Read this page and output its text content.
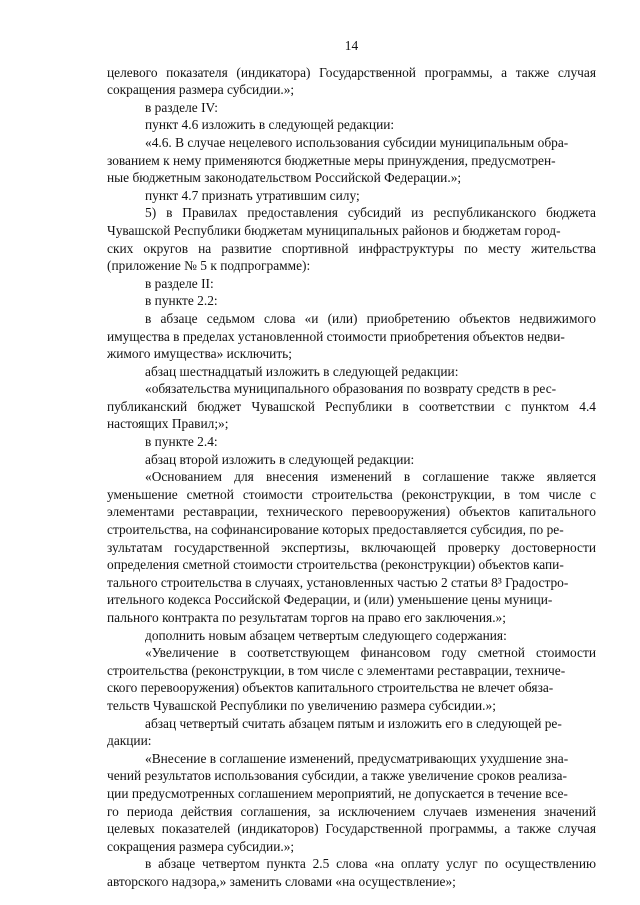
14

целевого показателя (индикатора) Государственной программы, а также случая сокращения размера субсидии.»;

в разделе IV:

пункт 4.6 изложить в следующей редакции:

«4.6. В случае нецелевого использования субсидии муниципальным обра-
зованием к нему применяются бюджетные меры принуждения, предусмотрен-
ные бюджетным законодательством Российской Федерации.»;

пункт 4.7 признать утратившим силу;

5) в Правилах предоставления субсидий из республиканского бюджета Чувашской Республики бюджетам муниципальных районов и бюджетам город-
ских округов на развитие спортивной инфраструктуры по месту жительства (приложение № 5 к подпрограмме):

в разделе II:

в пункте 2.2:

в абзаце седьмом слова «и (или) приобретению объектов недвижимого имущества в пределах установленной стоимости приобретения объектов недви-
жимого имущества» исключить;

абзац шестнадцатый изложить в следующей редакции:

«обязательства муниципального образования по возврату средств в рес-
публиканский бюджет Чувашской Республики в соответствии с пунктом 4.4 настоящих Правил;»;

в пункте 2.4:

абзац второй изложить в следующей редакции:

«Основанием для внесения изменений в соглашение также является уменьшение сметной стоимости строительства (реконструкции, в том числе с элементами реставрации, технического перевооружения) объектов капитального строительства, на софинансирование которых предоставляется субсидия, по ре-
зультатам государственной экспертизы, включающей проверку достоверности определения сметной стоимости строительства (реконструкции) объектов капи-
тального строительства в случаях, установленных частью 2 статьи 8³ Градостро-
ительного кодекса Российской Федерации, и (или) уменьшение цены муници-
пального контракта по результатам торгов на право его заключения.»;

дополнить новым абзацем четвертым следующего содержания:

«Увеличение в соответствующем финансовом году сметной стоимости строительства (реконструкции, в том числе с элементами реставрации, техниче-
ского перевооружения) объектов капитального строительства не влечет обяза-
тельств Чувашской Республики по увеличению размера субсидии.»;

абзац четвертый считать абзацем пятым и изложить его в следующей ре-
дакции:

«Внесение в соглашение изменений, предусматривающих ухудшение зна-
чений результатов использования субсидии, а также увеличение сроков реализа-
ции предусмотренных соглашением мероприятий, не допускается в течение все-
го периода действия соглашения, за исключением случаев изменения значений целевых показателей (индикаторов) Государственной программы, а также случая сокращения размера субсидии.»;

в абзаце четвертом пункта 2.5 слова «на оплату услуг по осуществлению авторского надзора,» заменить словами «на осуществление»;
